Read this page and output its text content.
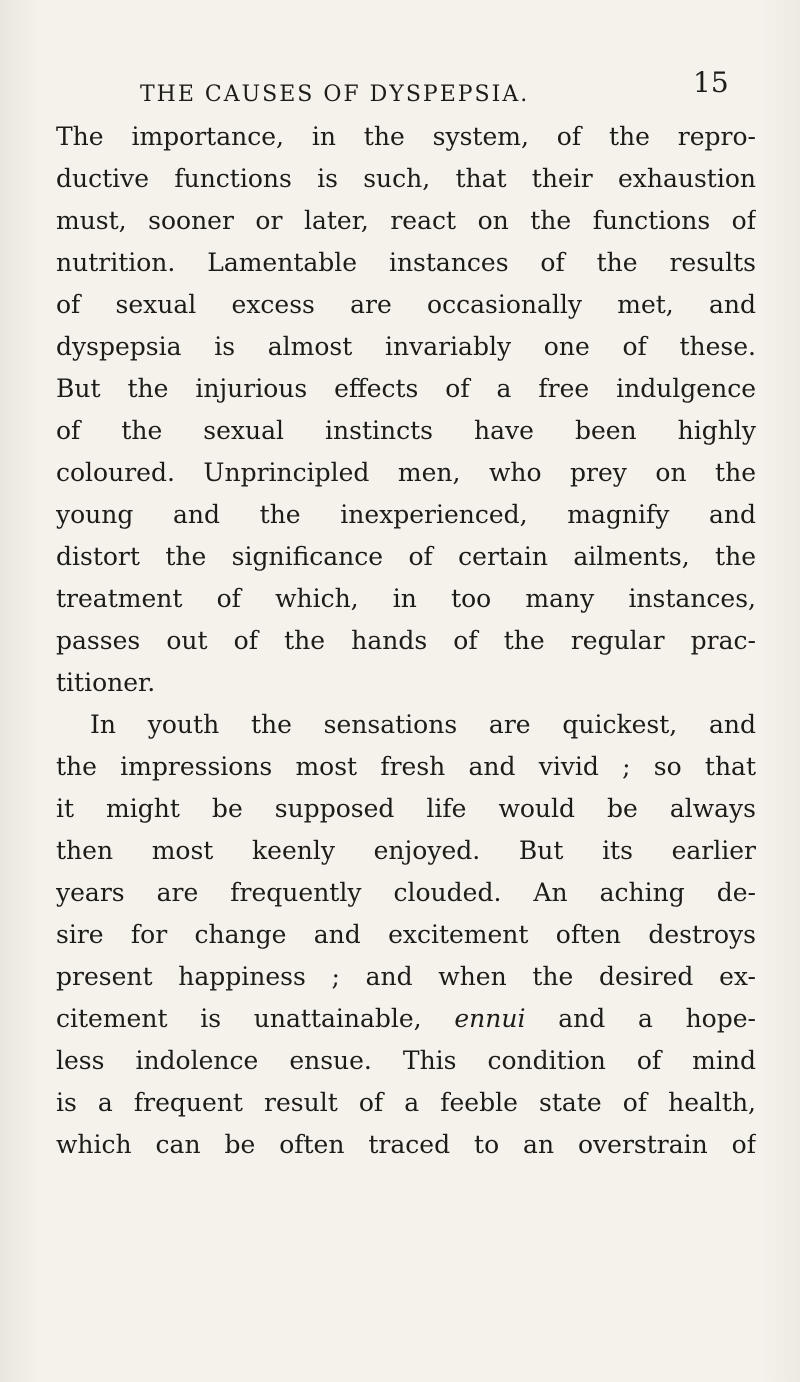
THE CAUSES OF DYSPEPSIA.	15
The importance, in the system, of the repro-
ductive functions is such, that their exhaustion
must, sooner or later, react on the functions of
nutrition. Lamentable instances of the results
of sexual excess are occasionally met, and
dyspepsia is almost invariably one of these.
But the injurious effects of a free indulgence
of the sexual instincts have been highly
coloured. Unprincipled men, who prey on the
young and the inexperienced, magnify and
distort the significance of certain ailments, the
treatment of which, in too many instances,
passes out of the hands of the regular prac-
titioner.
In youth the sensations are quickest, and
the impressions most fresh and vivid ; so that
it might be supposed life would be always
then most keenly enjoyed. But its earlier
years are frequently clouded. An aching de-
sire for change and excitement often destroys
present happiness ; and when the desired ex-
citement is unattainable, ennui and a hope-
less indolence ensue. This condition of mind
is a frequent result of a feeble state of health,
which can be often traced to an overstrain of
